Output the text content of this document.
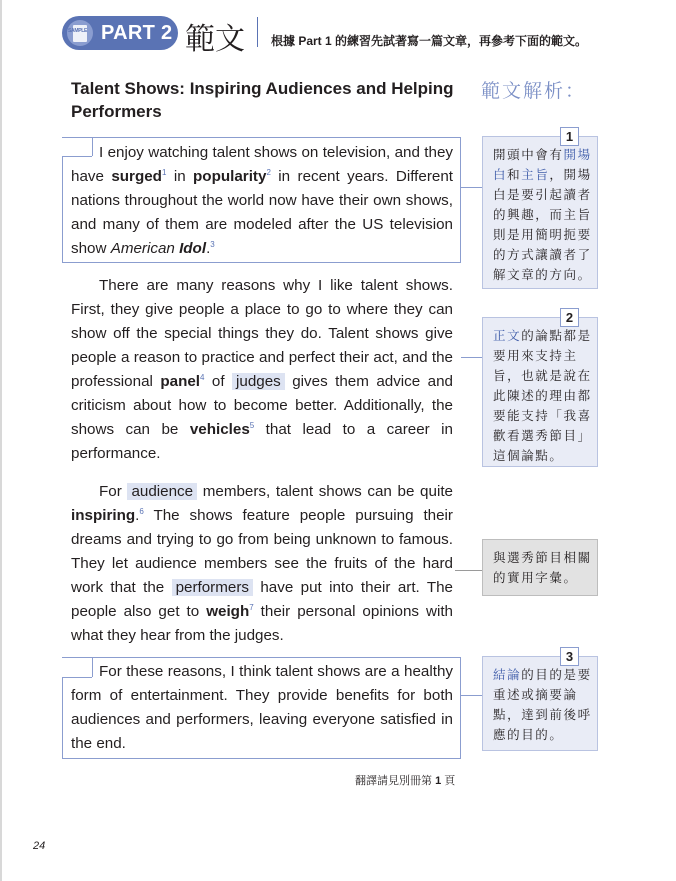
SAMPLE PART 2 範文 根據 Part 1 的練習先試著寫一篇文章，再參考下面的範文。
Talent Shows: Inspiring Audiences and Helping Performers
範文解析：
I enjoy watching talent shows on television, and they have surged$^1$ in popularity$^2$ in recent years. Different nations throughout the world now have their own shows, and many of them are modeled after the US television show American Idol.$^3$
There are many reasons why I like talent shows. First, they give people a place to go to where they can show off the special things they do. Talent shows give people a reason to practice and perfect their act, and the professional panel$^4$ of judges gives them advice and criticism about how to become better. Additionally, the shows can be vehicles$^5$ that lead to a career in performance.
For audience members, talent shows can be quite inspiring.$^6$ The shows feature people pursuing their dreams and trying to go from being unknown to famous. They let audience members see the fruits of the hard work that the performers have put into their art. The people also get to weigh$^7$ their personal opinions with what they hear from the judges.
For these reasons, I think talent shows are a healthy form of entertainment. They provide benefits for both audiences and performers, leaving everyone satisfied in the end.
1
開頭中會有開場白和主旨，開場白是要引起讀者的興趣，而主旨則是用簡明扼要的方式讓讀者了解文章的方向。
2
正文的論點都是要用來支持主旨，也就是說在此陳述的理由都要能支持「我喜歡看選秀節目」這個論點。
與選秀節目相關的實用字彙。
3
結論的目的是要重述或摘要論點，達到前後呼應的目的。
翻譯請見別冊第 1 頁
24
